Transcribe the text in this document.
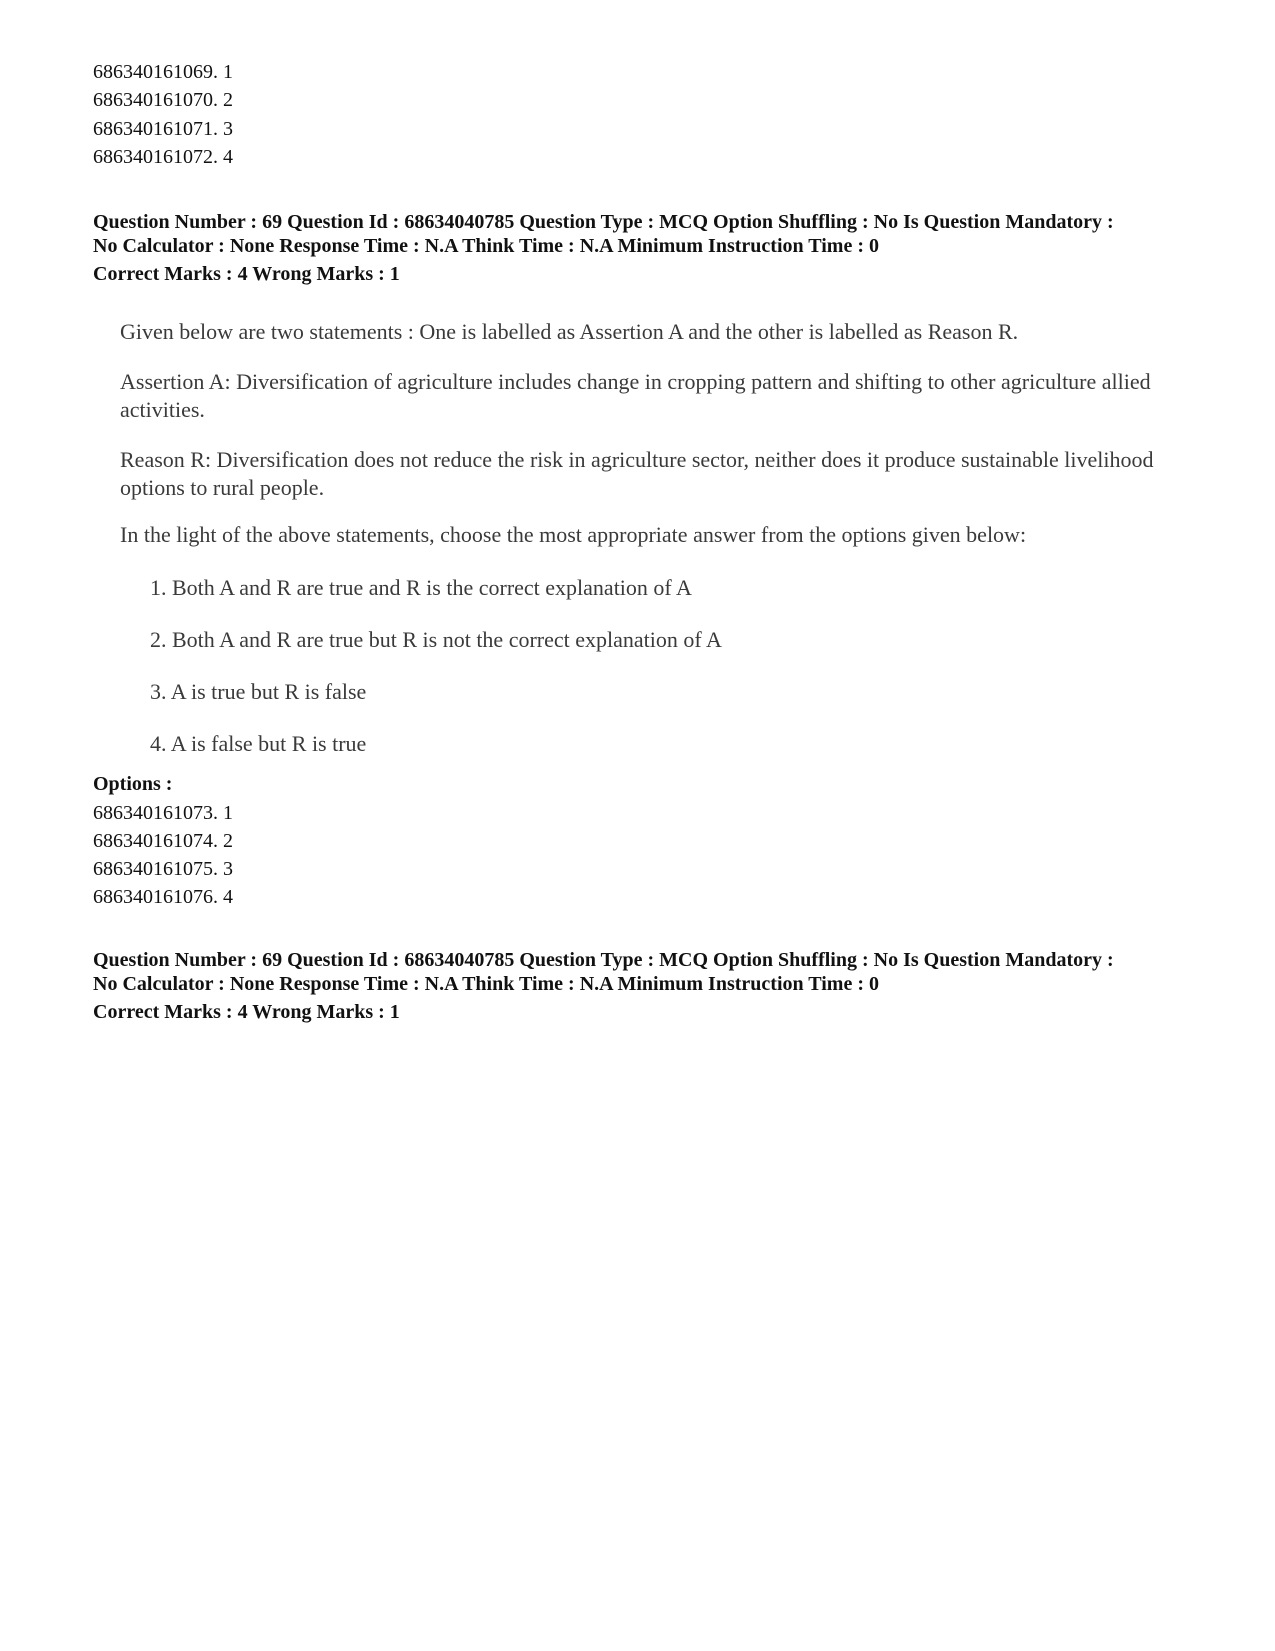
686340161069. 1
686340161070. 2
686340161071. 3
686340161072. 4
Question Number : 69 Question Id : 68634040785 Question Type : MCQ Option Shuffling : No Is Question Mandatory :
No Calculator : None Response Time : N.A Think Time : N.A Minimum Instruction Time : 0
Correct Marks : 4 Wrong Marks : 1

Given below are two statements : One is labelled as Assertion A and the other is labelled as Reason R.

Assertion A: Diversification of agriculture includes change in cropping pattern and shifting to other agriculture allied activities.

Reason R: Diversification does not reduce the risk in agriculture sector, neither does it produce sustainable livelihood options to rural people.

In the light of the above statements, choose the most appropriate answer from the options given below:

1. Both A and R are true and R is the correct explanation of A

2. Both A and R are true but R is not the correct explanation of A

3. A is true but R is false

4. A is false but R is true

Options :
686340161073. 1
686340161074. 2
686340161075. 3
686340161076. 4
Question Number : 69 Question Id : 68634040785 Question Type : MCQ Option Shuffling : No Is Question Mandatory :
No Calculator : None Response Time : N.A Think Time : N.A Minimum Instruction Time : 0
Correct Marks : 4 Wrong Marks : 1
